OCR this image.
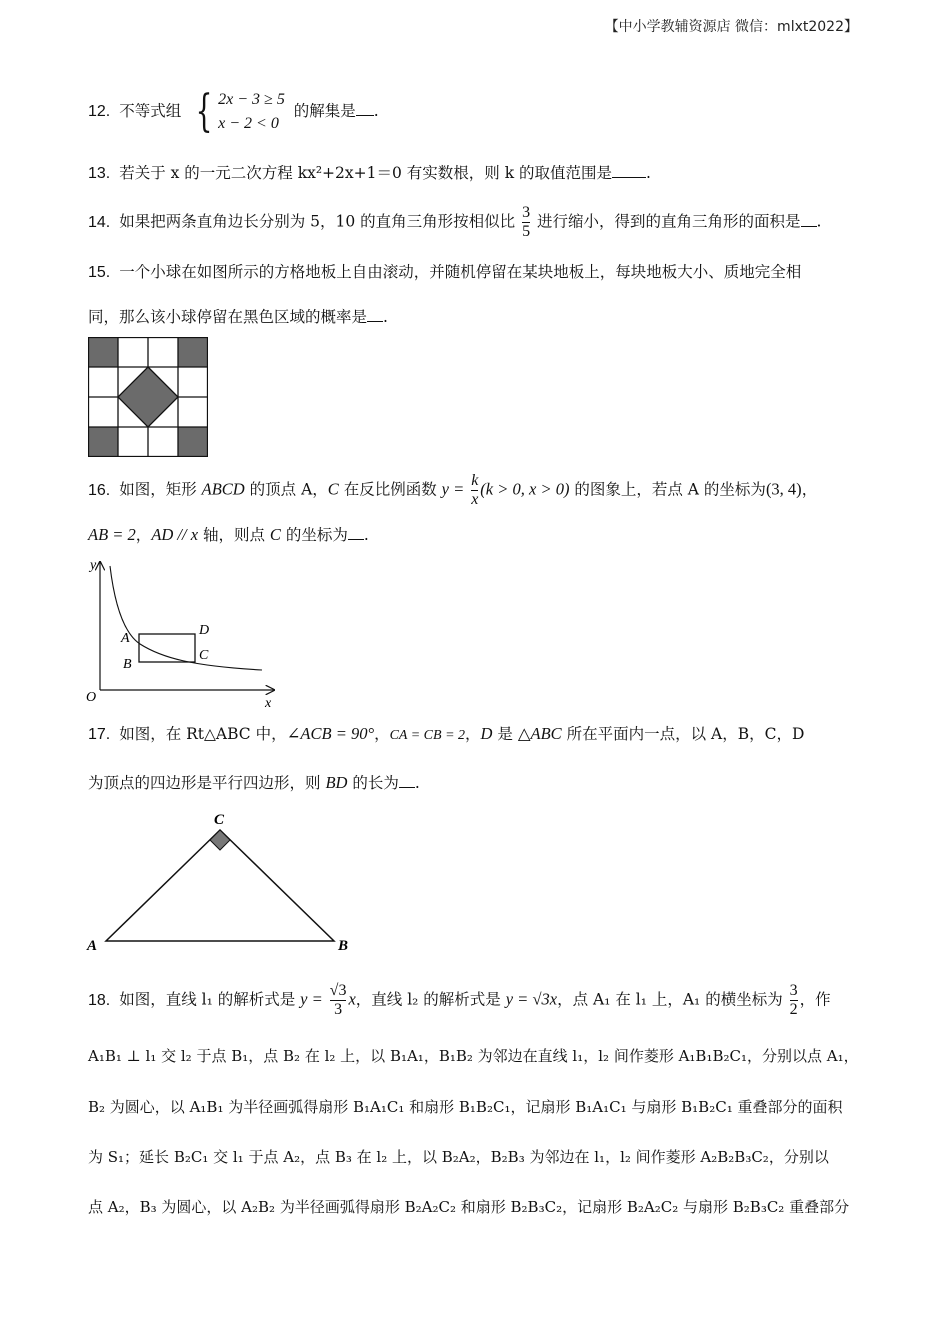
【中小学教辅资源店 微信：mlxt2022】
12. 不等式组 { 2x − 3 ≥ 5
x − 2 < 0
的解集是 .
13. 若关于 x 的一元二次方程 kx²+2x+1＝0 有实数根，则 k 的取值范围是 .
14. 如果把两条直角边长分别为 5，10 的直角三角形按相似比 $\frac{3}{5}$ 进行缩小，得到的直角三角形的面积是 .
15. 一个小球在如图所示的方格地板上自由滚动，并随机停留在某块地板上，每块地板大小、质地完全相
同，那么该小球停留在黑色区域的概率是 .
16. 如图，矩形 ABCD 的顶点 A，C 在反比例函数 $y = \frac{k}{x} (k > 0$, x > 0) 的图象上，若点 A 的坐标为(3, 4)，
AB = 2，AD // x 轴，则点 C 的坐标为 .
y
x
O
A
B
C
D
17. 如图，在 Rt△ABC 中，∠ACB = 90°，CA = CB = 2，D 是 △ABC 所在平面内一点，以 A，B，C，D
为顶点的四边形是平行四边形，则 BD 的长为 .
A	B
C
18. 如图，直线 l₁ 的解析式是 $y = \frac{√3}{3}$ x，直线 l₂ 的解析式是 y = √3x，点 A₁ 在 l₁ 上，A₁ 的横坐标为 $\frac{3}{2}$ ，作
A₁B₁ ⊥ l₁ 交 l₂ 于点 B₁，点 B₂ 在 l₂ 上，以 B₁A₁，B₁B₂ 为邻边在直线 l₁，l₂ 间作菱形 A₁B₁B₂C₁，分别以点 A₁，
B₂ 为圆心，以 A₁B₁ 为半径画弧得扇形 B₁A₁C₁ 和扇形 B₁B₂C₁，记扇形 B₁A₁C₁ 与扇形 B₁B₂C₁ 重叠部分的面积
为 S₁；延长 B₂C₁ 交 l₁ 于点 A₂，点 B₃ 在 l₂ 上，以 B₂A₂，B₂B₃ 为邻边在 l₁，l₂ 间作菱形 A₂B₂B₃C₂，分别以
点 A₂，B₃ 为圆心，以 A₂B₂ 为半径画弧得扇形 B₂A₂C₂ 和扇形 B₂B₃C₂，记扇形 B₂A₂C₂ 与扇形 B₂B₃C₂ 重叠部分
